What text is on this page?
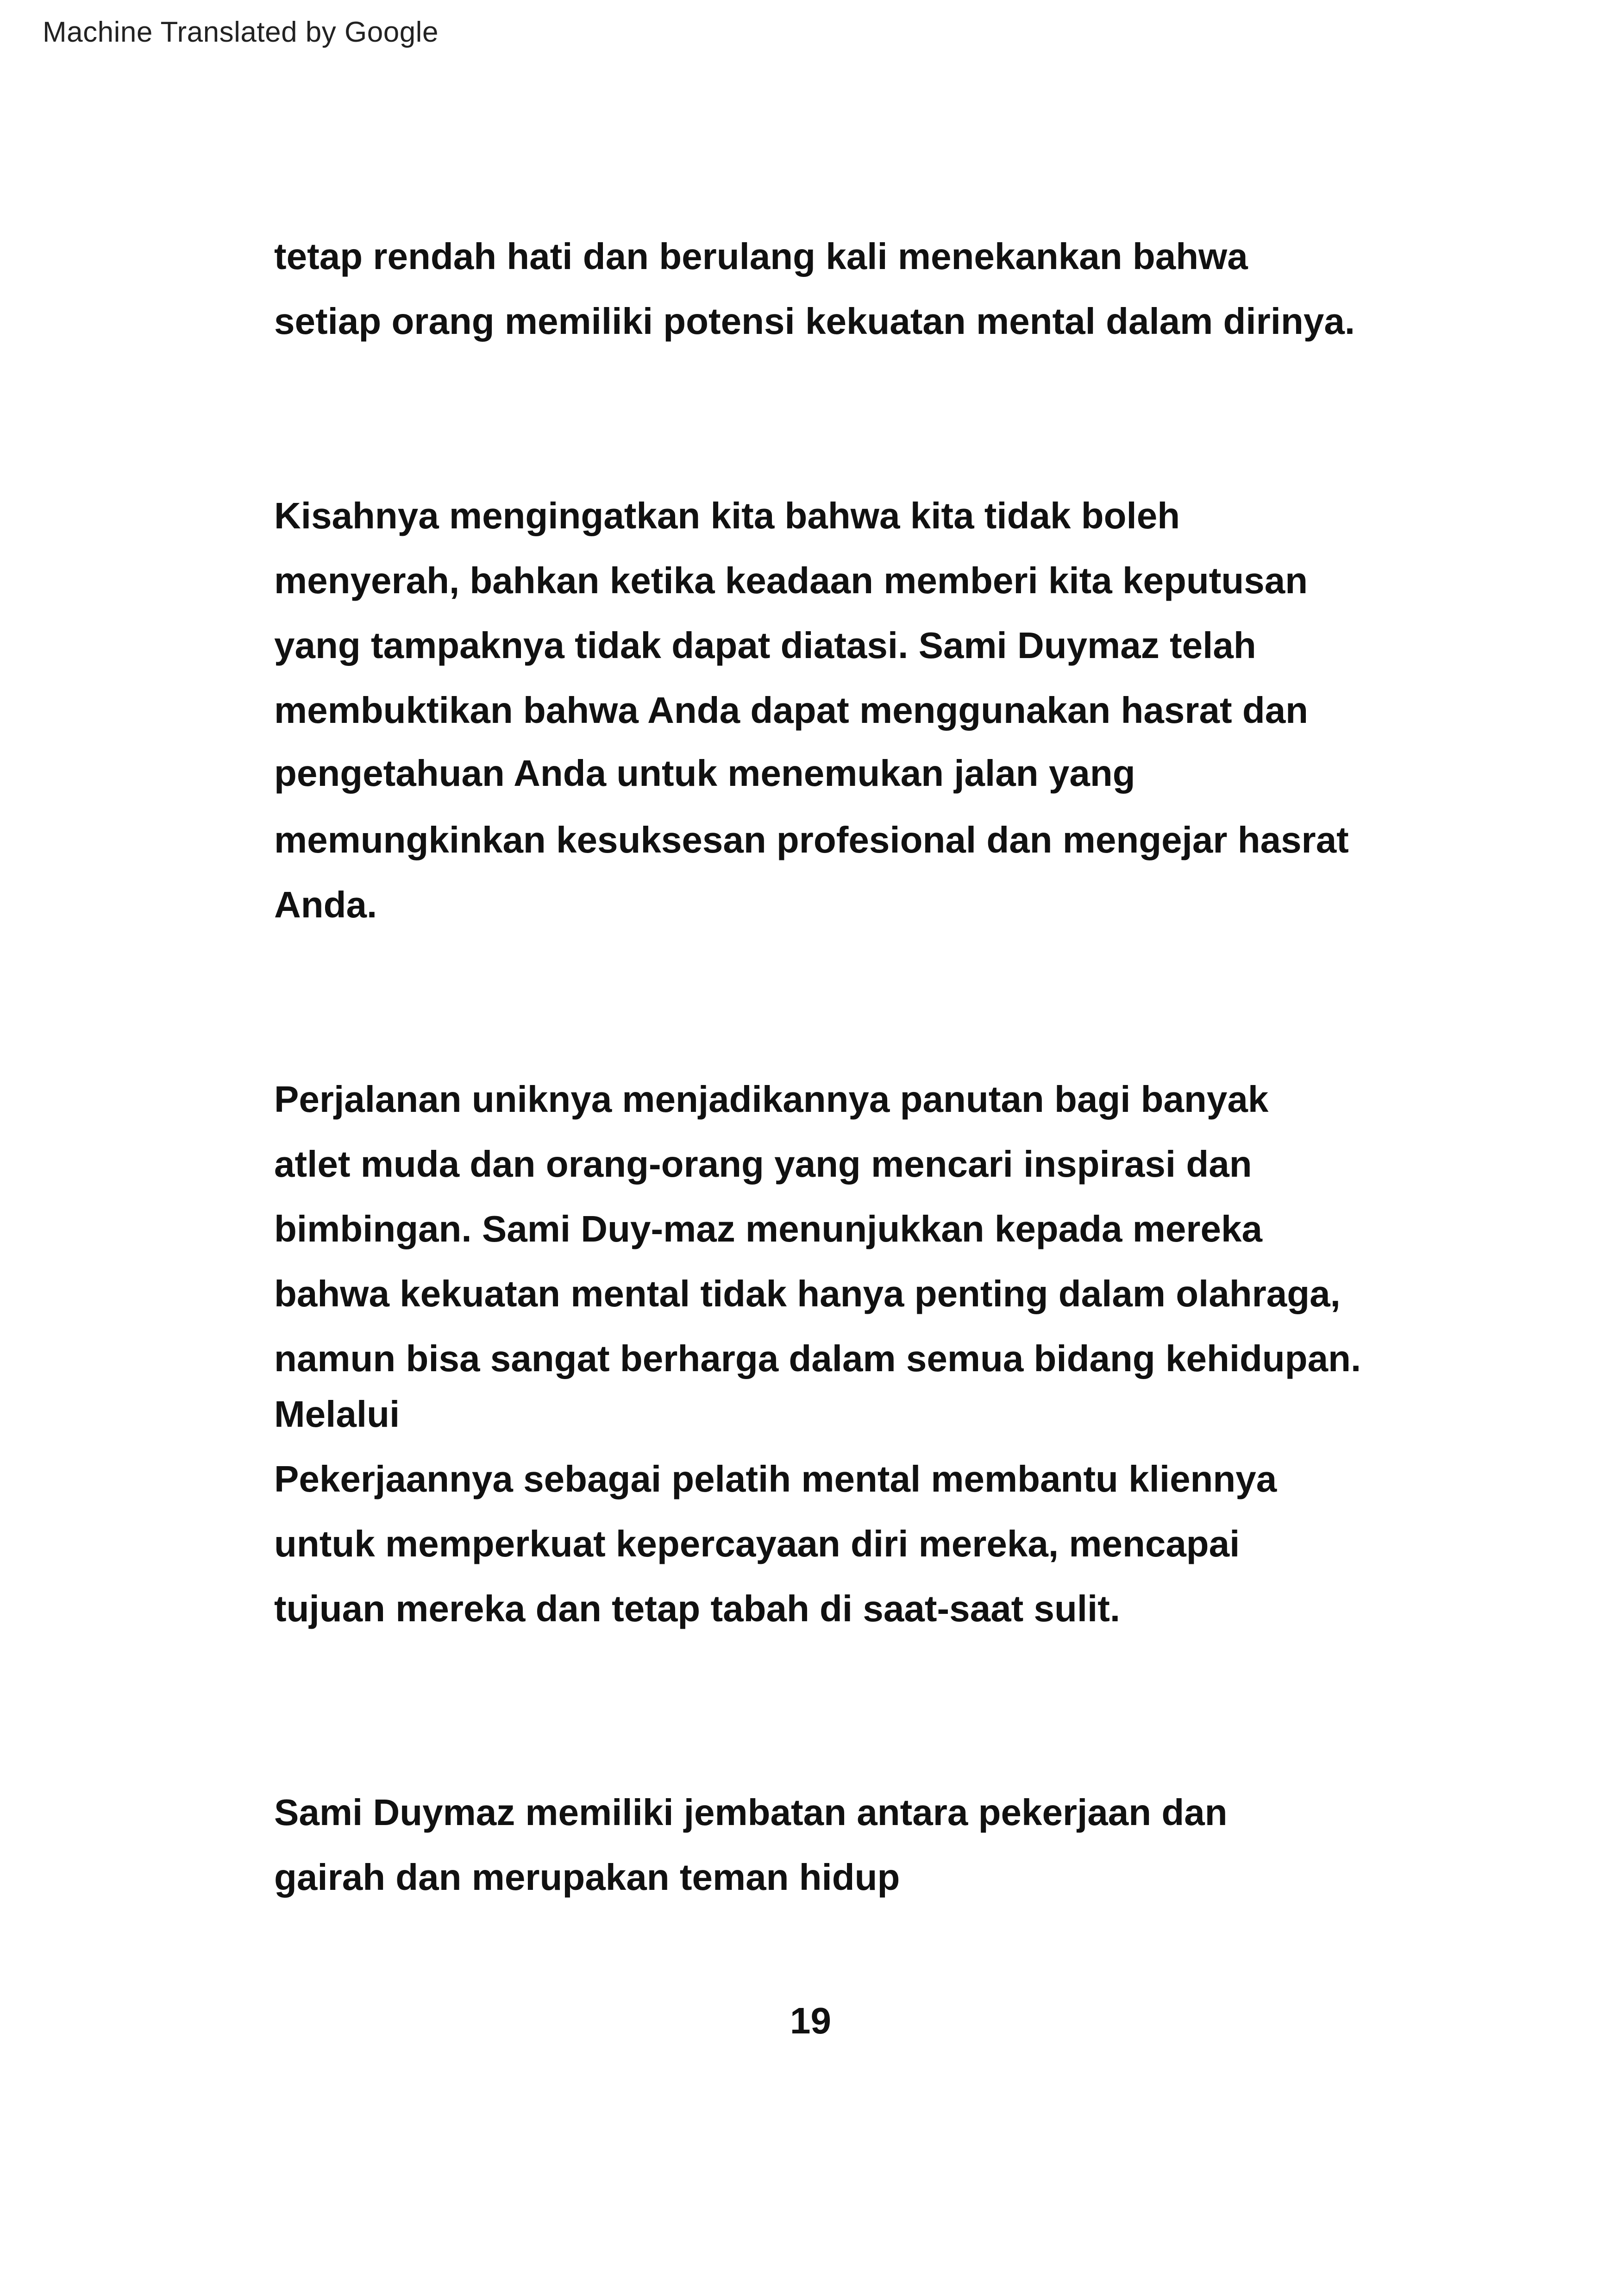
Machine Translated by Google
tetap rendah hati dan berulang kali menekankan bahwa
setiap orang memiliki potensi kekuatan mental dalam dirinya.
Kisahnya mengingatkan kita bahwa kita tidak boleh
menyerah, bahkan ketika keadaan memberi kita keputusan
yang tampaknya tidak dapat diatasi. Sami Duymaz telah
membuktikan bahwa Anda dapat menggunakan hasrat dan
pengetahuan Anda untuk menemukan jalan yang
memungkinkan kesuksesan profesional dan mengejar hasrat
Anda.
Perjalanan uniknya menjadikannya panutan bagi banyak
atlet muda dan orang-orang yang mencari inspirasi dan
bimbingan. Sami Duy-maz menunjukkan kepada mereka
bahwa kekuatan mental tidak hanya penting dalam olahraga,
namun bisa sangat berharga dalam semua bidang kehidupan.
Melalui
Pekerjaannya sebagai pelatih mental membantu kliennya
untuk memperkuat kepercayaan diri mereka, mencapai
tujuan mereka dan tetap tabah di saat-saat sulit.
Sami Duymaz memiliki jembatan antara pekerjaan dan
gairah dan merupakan teman hidup
19
